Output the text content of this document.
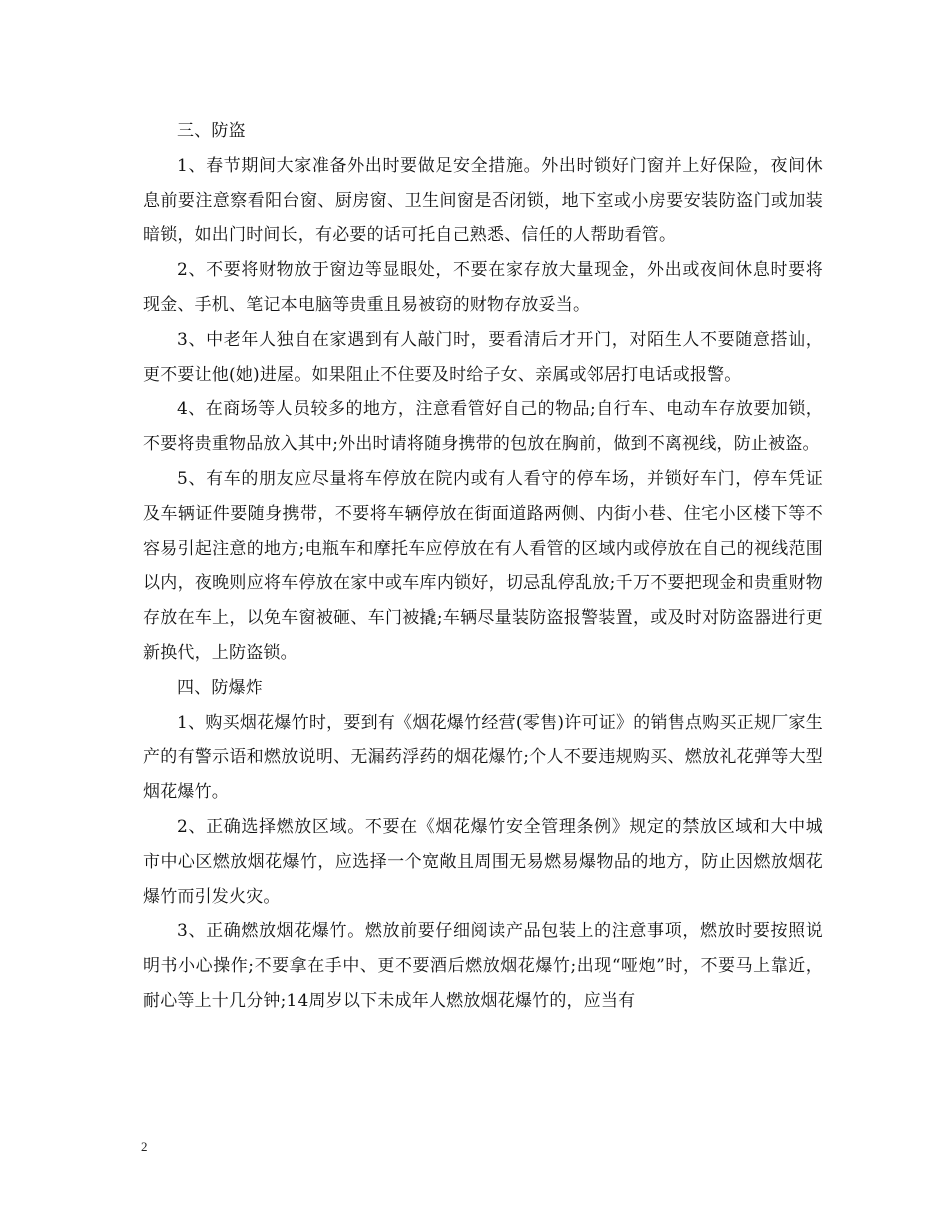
三、防盗

1、春节期间大家准备外出时要做足安全措施。外出时锁好门窗并上好保险，夜间休息前要注意察看阳台窗、厨房窗、卫生间窗是否闭锁，地下室或小房要安装防盗门或加装暗锁，如出门时间长，有必要的话可托自己熟悉、信任的人帮助看管。

2、不要将财物放于窗边等显眼处，不要在家存放大量现金，外出或夜间休息时要将现金、手机、笔记本电脑等贵重且易被窃的财物存放妥当。

3、中老年人独自在家遇到有人敲门时，要看清后才开门，对陌生人不要随意搭讪，更不要让他(她)进屋。如果阻止不住要及时给子女、亲属或邻居打电话或报警。

4、在商场等人员较多的地方，注意看管好自己的物品;自行车、电动车存放要加锁，不要将贵重物品放入其中;外出时请将随身携带的包放在胸前，做到不离视线，防止被盗。

5、有车的朋友应尽量将车停放在院内或有人看守的停车场，并锁好车门，停车凭证及车辆证件要随身携带，不要将车辆停放在街面道路两侧、内街小巷、住宅小区楼下等不容易引起注意的地方;电瓶车和摩托车应停放在有人看管的区域内或停放在自己的视线范围以内，夜晚则应将车停放在家中或车库内锁好，切忌乱停乱放;千万不要把现金和贵重财物存放在车上，以免车窗被砸、车门被撬;车辆尽量装防盗报警装置，或及时对防盗器进行更新换代，上防盗锁。

四、防爆炸

1、购买烟花爆竹时，要到有《烟花爆竹经营(零售)许可证》的销售点购买正规厂家生产的有警示语和燃放说明、无漏药浮药的烟花爆竹;个人不要违规购买、燃放礼花弹等大型烟花爆竹。

2、正确选择燃放区域。不要在《烟花爆竹安全管理条例》规定的禁放区域和大中城市中心区燃放烟花爆竹，应选择一个宽敞且周围无易燃易爆物品的地方，防止因燃放烟花爆竹而引发火灾。

3、正确燃放烟花爆竹。燃放前要仔细阅读产品包装上的注意事项，燃放时要按照说明书小心操作;不要拿在手中、更不要酒后燃放烟花爆竹;出现“哑炮”时，不要马上靠近，耐心等上十几分钟;14周岁以下未成年人燃放烟花爆竹的，应当有

2
